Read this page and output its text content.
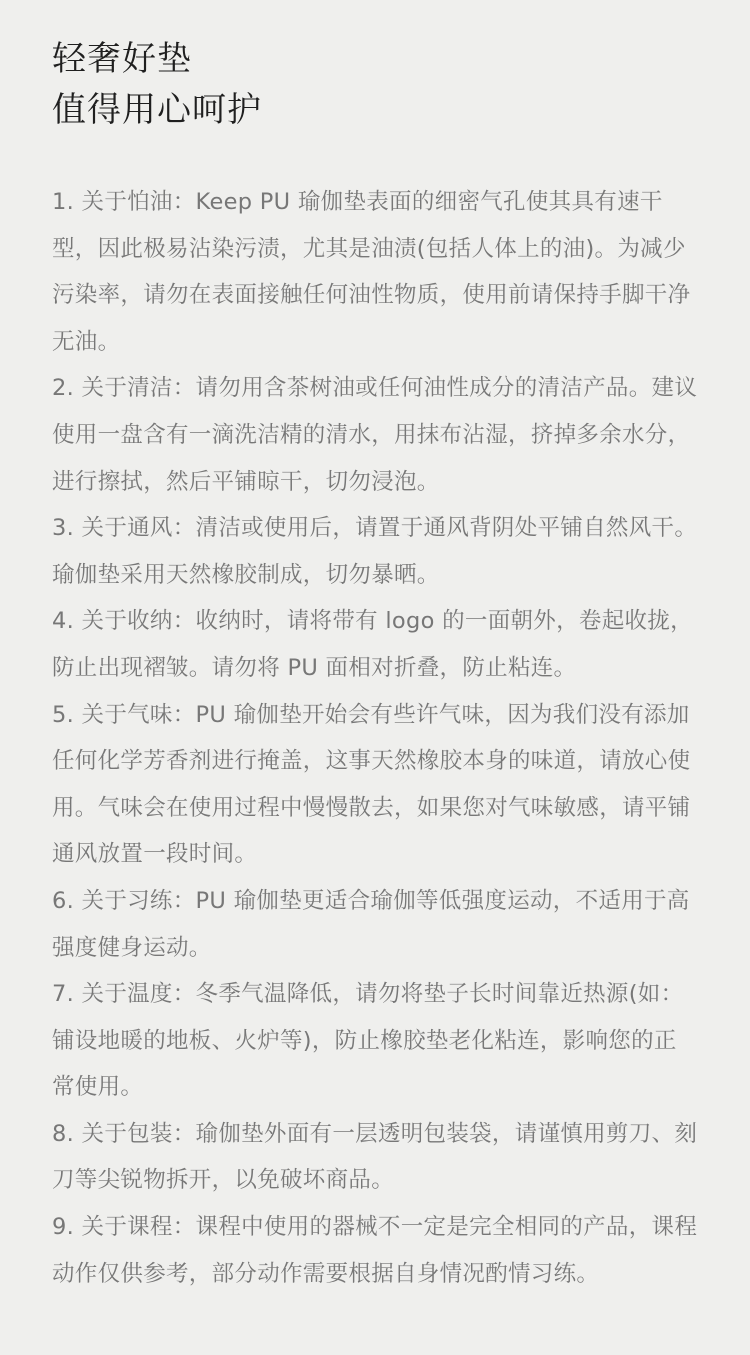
轻奢好垫
值得用心呵护

1. 关于怕油：Keep PU 瑜伽垫表面的细密气孔使其具有速干型，因此极易沾染污渍，尤其是油渍(包括人体上的油)。为减少污染率，请勿在表面接触任何油性物质，使用前请保持手脚干净无油。

2. 关于清洁：请勿用含茶树油或任何油性成分的清洁产品。建议使用一盘含有一滴洗洁精的清水，用抹布沾湿，挤掉多余水分，进行擦拭，然后平铺晾干，切勿浸泡。

3. 关于通风：清洁或使用后，请置于通风背阴处平铺自然风干。瑜伽垫采用天然橡胶制成，切勿暴晒。

4. 关于收纳：收纳时，请将带有 logo 的一面朝外，卷起收拢，防止出现褶皱。请勿将 PU 面相对折叠，防止粘连。

5. 关于气味：PU 瑜伽垫开始会有些许气味，因为我们没有添加任何化学芳香剂进行掩盖，这事天然橡胶本身的味道，请放心使用。气味会在使用过程中慢慢散去，如果您对气味敏感，请平铺通风放置一段时间。

6. 关于习练：PU 瑜伽垫更适合瑜伽等低强度运动，不适用于高强度健身运动。

7. 关于温度：冬季气温降低，请勿将垫子长时间靠近热源(如：铺设地暖的地板、火炉等)，防止橡胶垫老化粘连，影响您的正常使用。

8. 关于包装：瑜伽垫外面有一层透明包装袋，请谨慎用剪刀、刻刀等尖锐物拆开，以免破坏商品。

9. 关于课程：课程中使用的器械不一定是完全相同的产品，课程动作仅供参考，部分动作需要根据自身情况酌情习练。
